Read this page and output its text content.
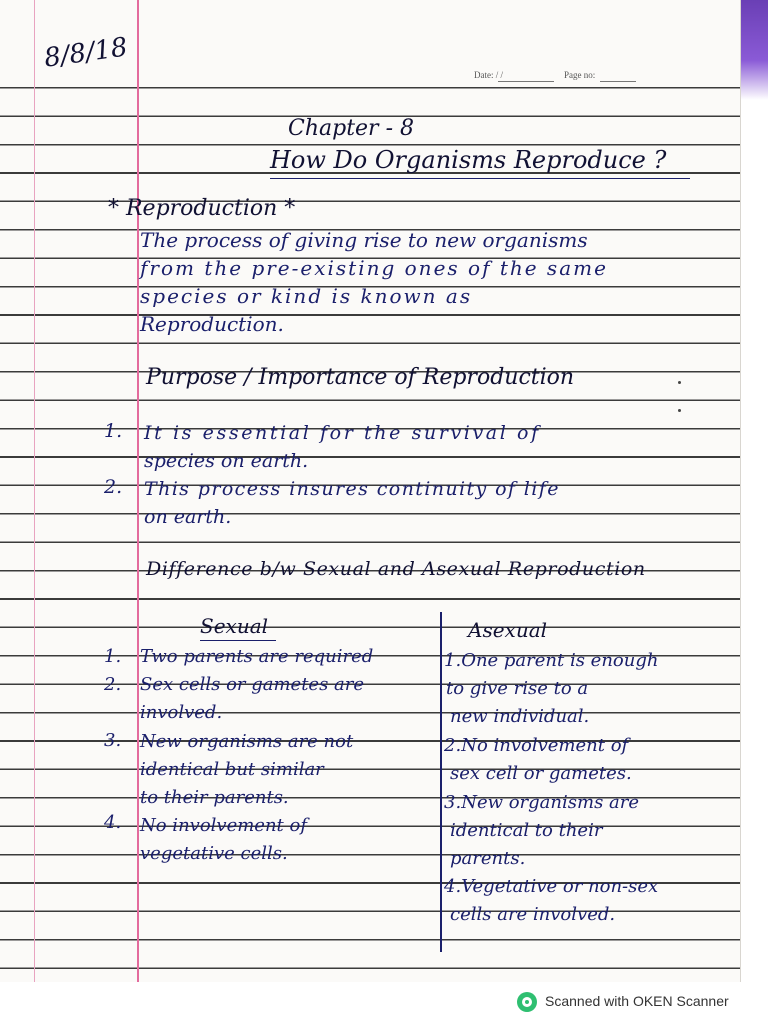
8/8/18
Date: / /	Page no:
Chapter - 8
How Do Organisms Reproduce ?
* Reproduction *
The process of giving rise to new organisms
from the pre-existing ones of the same
species or kind is known as
Reproduction.
Purpose / Importance of Reproduction
1. It is essential for the survival of
species on earth.
2. This process insures continuity of life
on earth.
Difference b/w Sexual and Asexual Reproduction
Sexual	Asexual
1. Two parents are required
2. Sex cells or gametes are
involved.
3. New organisms are not
identical but similar
to their parents.
4. No involvement of
vegetative cells.
1.One parent is enough
to give rise to a
new individual.
2.No involvement of
sex cell or gametes.
3.New organisms are
identical to their
parents.
4.Vegetative or non-sex
cells are involved.
Scanned with OKEN Scanner
